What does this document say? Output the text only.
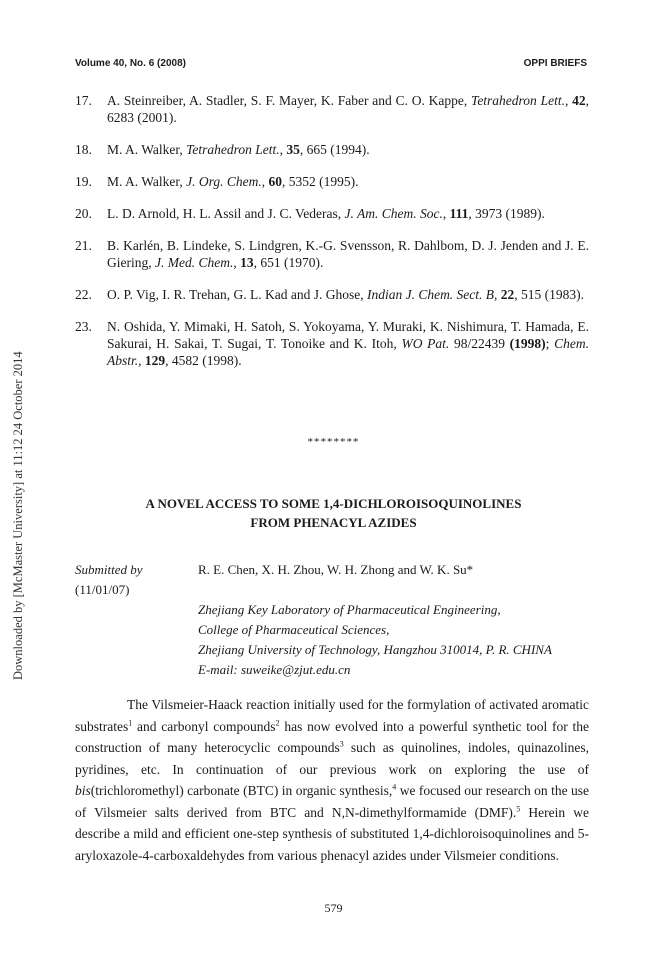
Downloaded by [McMaster University] at 11:12 24 October 2014
Volume 40, No. 6 (2008)	OPPI BRIEFS
17. A. Steinreiber, A. Stadler, S. F. Mayer, K. Faber and C. O. Kappe, Tetrahedron Lett., 42, 6283 (2001).
18. M. A. Walker, Tetrahedron Lett., 35, 665 (1994).
19. M. A. Walker, J. Org. Chem., 60, 5352 (1995).
20. L. D. Arnold, H. L. Assil and J. C. Vederas, J. Am. Chem. Soc., 111, 3973 (1989).
21. B. Karlén, B. Lindeke, S. Lindgren, K.-G. Svensson, R. Dahlbom, D. J. Jenden and J. E. Giering, J. Med. Chem., 13, 651 (1970).
22. O. P. Vig, I. R. Trehan, G. L. Kad and J. Ghose, Indian J. Chem. Sect. B, 22, 515 (1983).
23. N. Oshida, Y. Mimaki, H. Satoh, S. Yokoyama, Y. Muraki, K. Nishimura, T. Hamada, E. Sakurai, H. Sakai, T. Sugai, T. Tonoike and K. Itoh, WO Pat. 98/22439 (1998); Chem. Abstr., 129, 4582 (1998).
********
A NOVEL ACCESS TO SOME 1,4-DICHLOROISOQUINOLINES
FROM PHENACYL AZIDES
Submitted by
(11/01/07)
R. E. Chen, X. H. Zhou, W. H. Zhong and W. K. Su*
Zhejiang Key Laboratory of Pharmaceutical Engineering,
College of Pharmaceutical Sciences,
Zhejiang University of Technology, Hangzhou 310014, P. R. CHINA
E-mail: suweike@zjut.edu.cn

The Vilsmeier-Haack reaction initially used for the formylation of activated aromatic substrates$^1$ and carbonyl compounds$^2$ has now evolved into a powerful synthetic tool for the construction of many heterocyclic compounds$^3$ such as quinolines, indoles, quinazolines, pyridines, etc. In continuation of our previous work on exploring the use of bis(trichloromethyl) carbonate (BTC) in organic synthesis,$^4$ we focused our research on the use of Vilsmeier salts derived from BTC and N,N-dimethylformamide (DMF).$^5$ Herein we describe a mild and efficient one-step synthesis of substituted 1,4-dichloroisoquinolines and 5-aryloxazole-4-carboxaldehydes from various phenacyl azides under Vilsmeier conditions.

579
